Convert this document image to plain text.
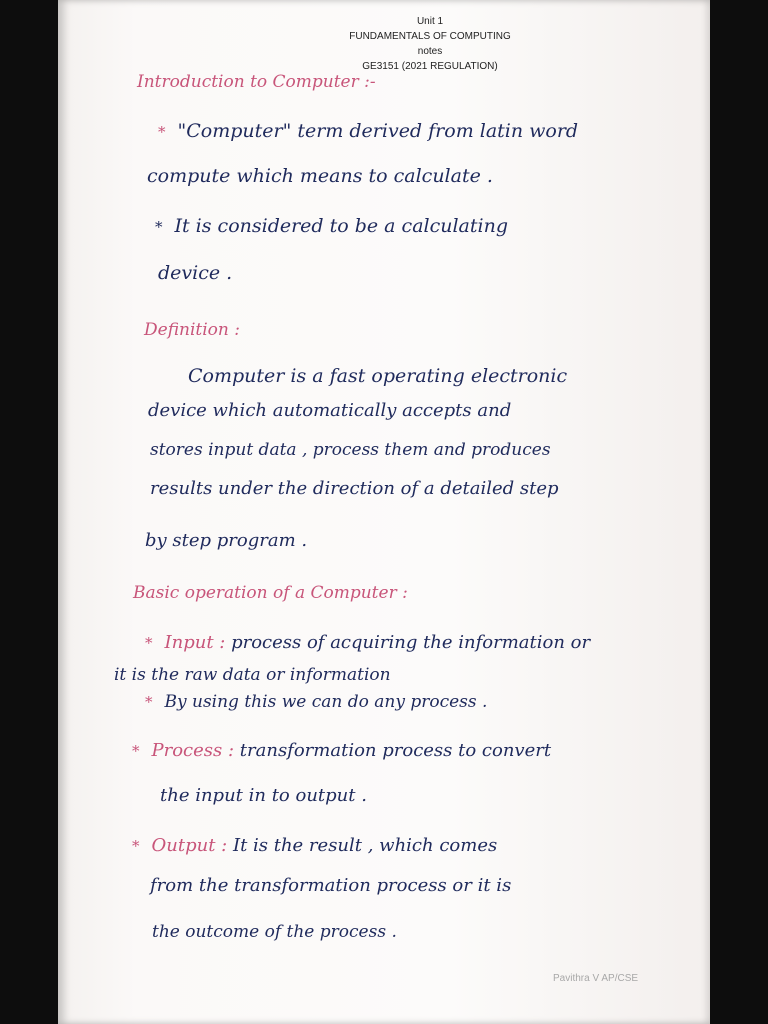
Unit 1
FUNDAMENTALS OF COMPUTING
notes
GE3151 (2021 REGULATION)
Introduction to Computer :-
* "Computer" term derived from latin word
compute which means to calculate .
* It is considered to be a calculating
device .
Definition :
Computer is a fast operating electronic
device which automatically accepts and
stores input data , process them and produces
results under the direction of a detailed step
by step program .
Basic operation of a Computer :
* Input : process of acquiring the information or
it is the raw data or information
* By using this we can do any process .
* Process : transformation process to convert
the input in to output .
* Output : It is the result , which comes
from the transformation process or it is
the outcome of the process .
Pavithra V AP/CSE
